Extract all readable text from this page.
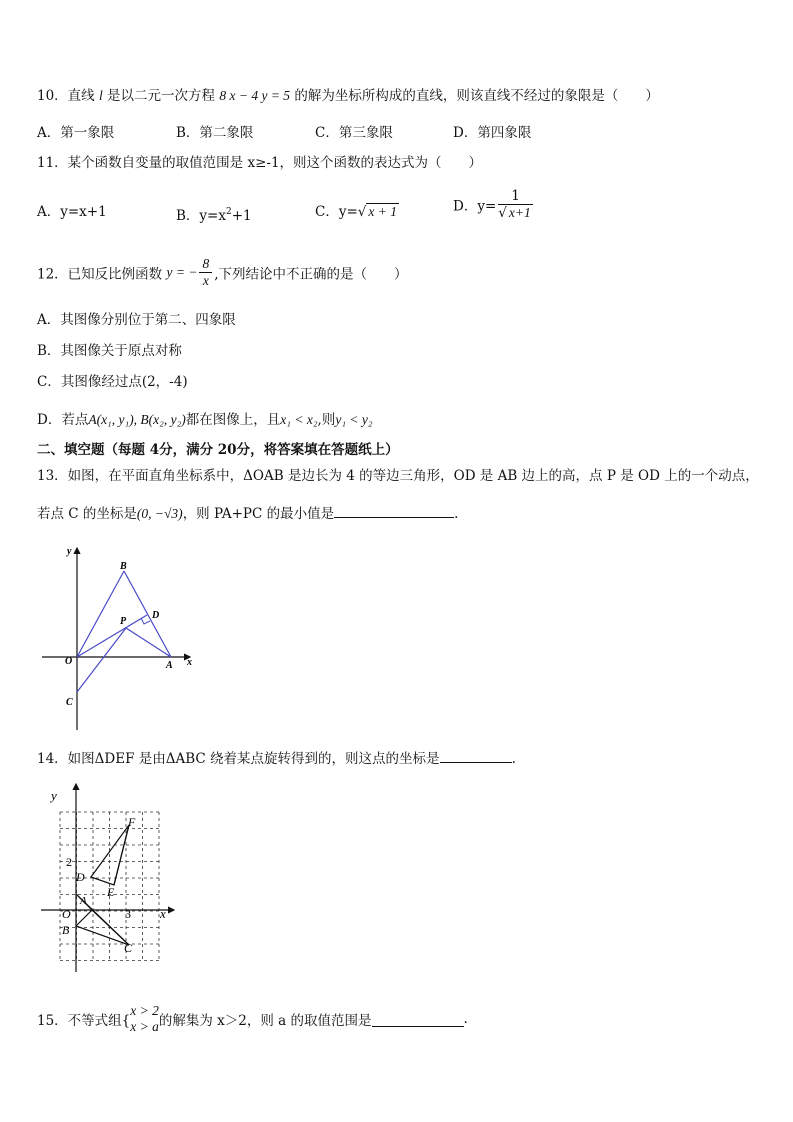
10．直线 l 是以二元一次方程 8 x − 4 y = 5 的解为坐标所构成的直线，则该直线不经过的象限是（　　）
A．第一象限	B．第二象限	C．第三象限	D．第四象限
11．某个函数自变量的取值范围是 x≥-1，则这个函数的表达式为（　　）
A．y=x+1	B．$y=x^2+1$	C．y=√ x + 1	D．$y= \frac{1}{√ x+1}$
12．已知反比例函数 y = − $\frac{8}{x}$ ,下列结论中不正确的是（　　）
A．其图像分别位于第二、四象限
B．其图像关于原点对称
C．其图像经过点(2，-4)
D．若点A(x₁, y₁), B(x₂, y₂)都在图像上，且x₁ < x₂,则y₁ < y₂
二、填空题（每题 4分，满分 20分，将答案填在答题纸上）
13．如图，在平面直角坐标系中，ΔOAB 是边长为 4 的等边三角形，OD 是 AB 边上的高，点 P 是 OD 上的一个动点，
若点 C 的坐标是(0, −√3)，则 PA+PC 的最小值是	.
y
x
B
P
D
O	A
C
14．如图ΔDEF 是由ΔABC 绕着某点旋转得到的，则这点的坐标是	.
y
x
F
2
D
E
A
O	3
B
C
15．不等式组{
x > 2
x > a 的解集为 x＞2，则 a 的取值范围是	.
